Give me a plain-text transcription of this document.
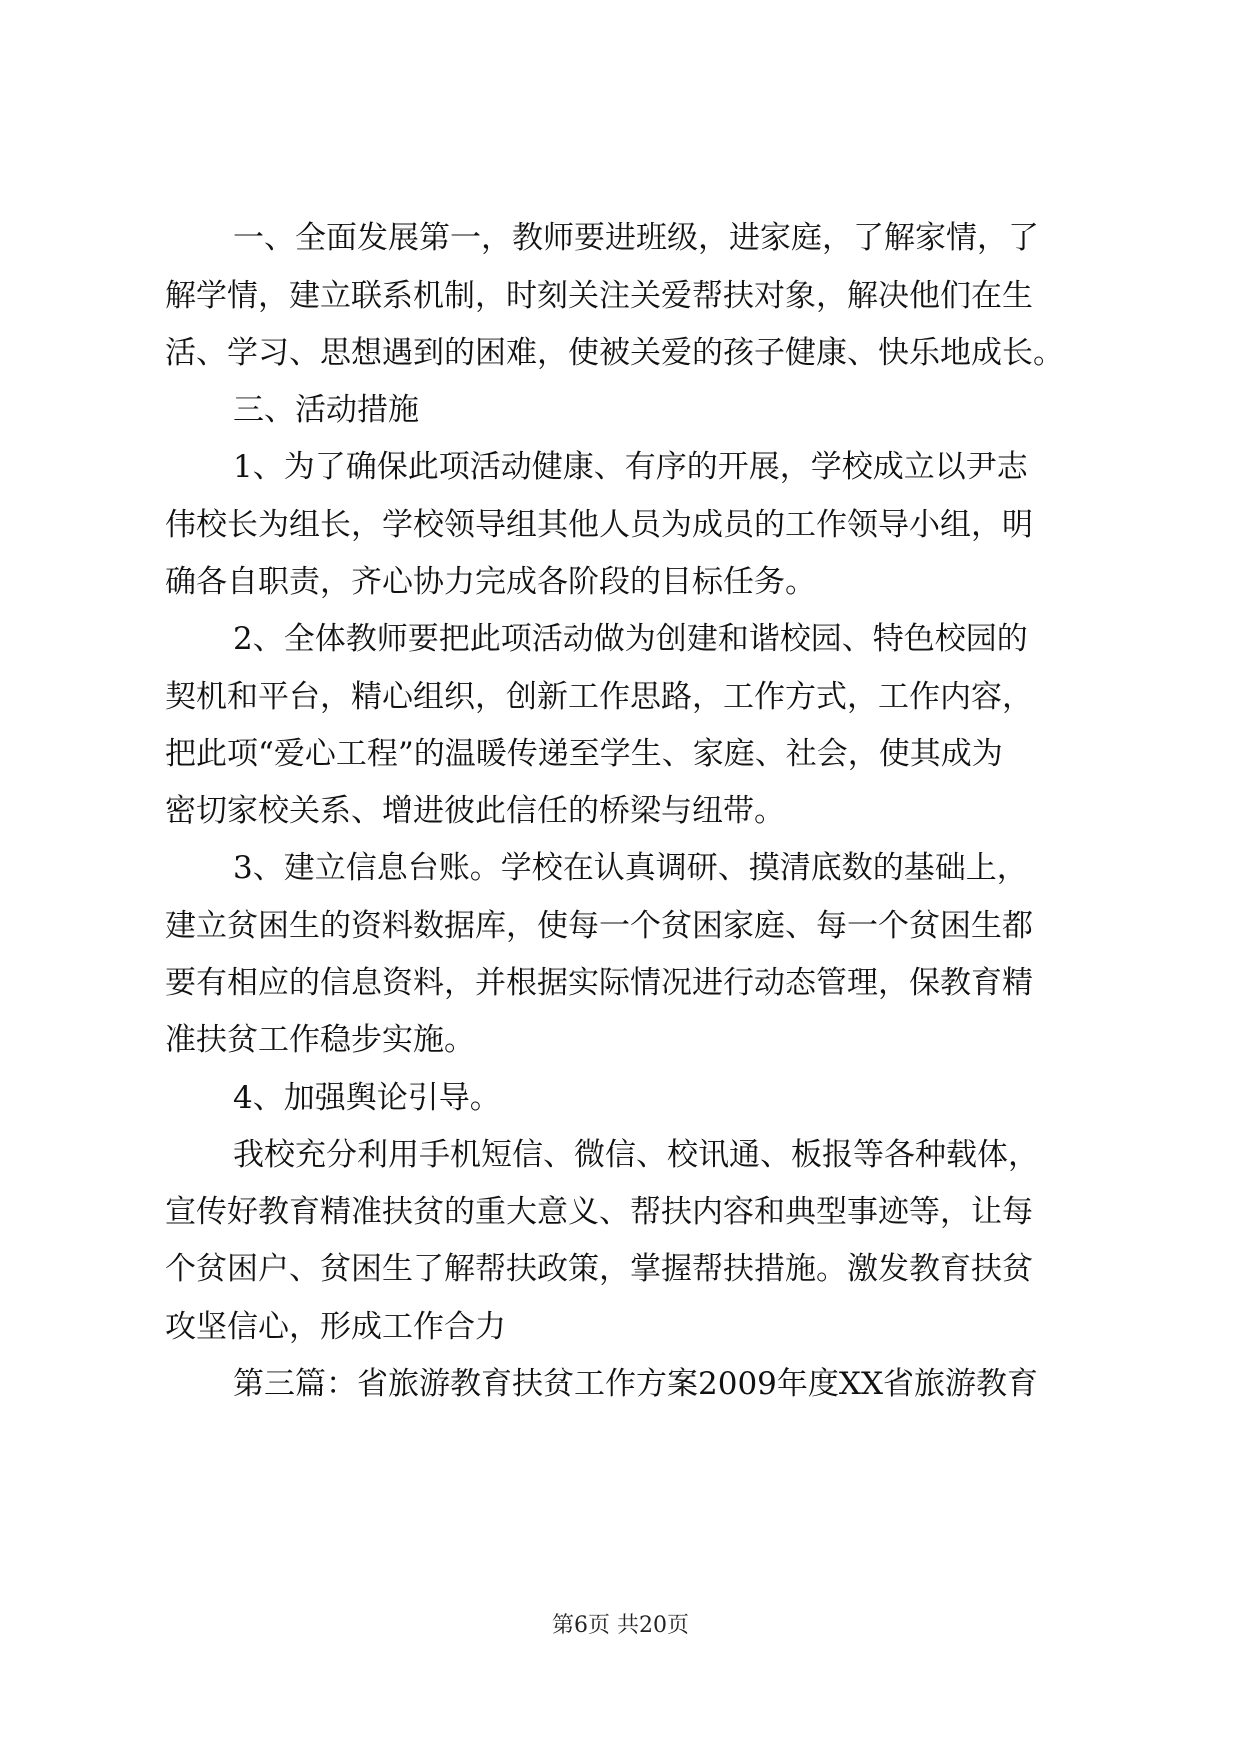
一、全面发展第一，教师要进班级，进家庭，了解家情，了
解学情，建立联系机制，时刻关注关爱帮扶对象，解决他们在生
活、学习、思想遇到的困难，使被关爱的孩子健康、快乐地成长。
三、活动措施
1、为了确保此项活动健康、有序的开展，学校成立以尹志
伟校长为组长，学校领导组其他人员为成员的工作领导小组，明
确各自职责，齐心协力完成各阶段的目标任务。
2、全体教师要把此项活动做为创建和谐校园、特色校园的
契机和平台，精心组织，创新工作思路，工作方式，工作内容，
把此项“爱心工程”的温暖传递至学生、家庭、社会，使其成为
密切家校关系、增进彼此信任的桥梁与纽带。
3、建立信息台账。学校在认真调研、摸清底数的基础上，
建立贫困生的资料数据库，使每一个贫困家庭、每一个贫困生都
要有相应的信息资料，并根据实际情况进行动态管理，保教育精
准扶贫工作稳步实施。
4、加强舆论引导。
我校充分利用手机短信、微信、校讯通、板报等各种载体，
宣传好教育精准扶贫的重大意义、帮扶内容和典型事迹等，让每
个贫困户、贫困生了解帮扶政策，掌握帮扶措施。激发教育扶贫
攻坚信心，形成工作合力
第三篇：省旅游教育扶贫工作方案2009年度XX省旅游教育
第6页 共20页
